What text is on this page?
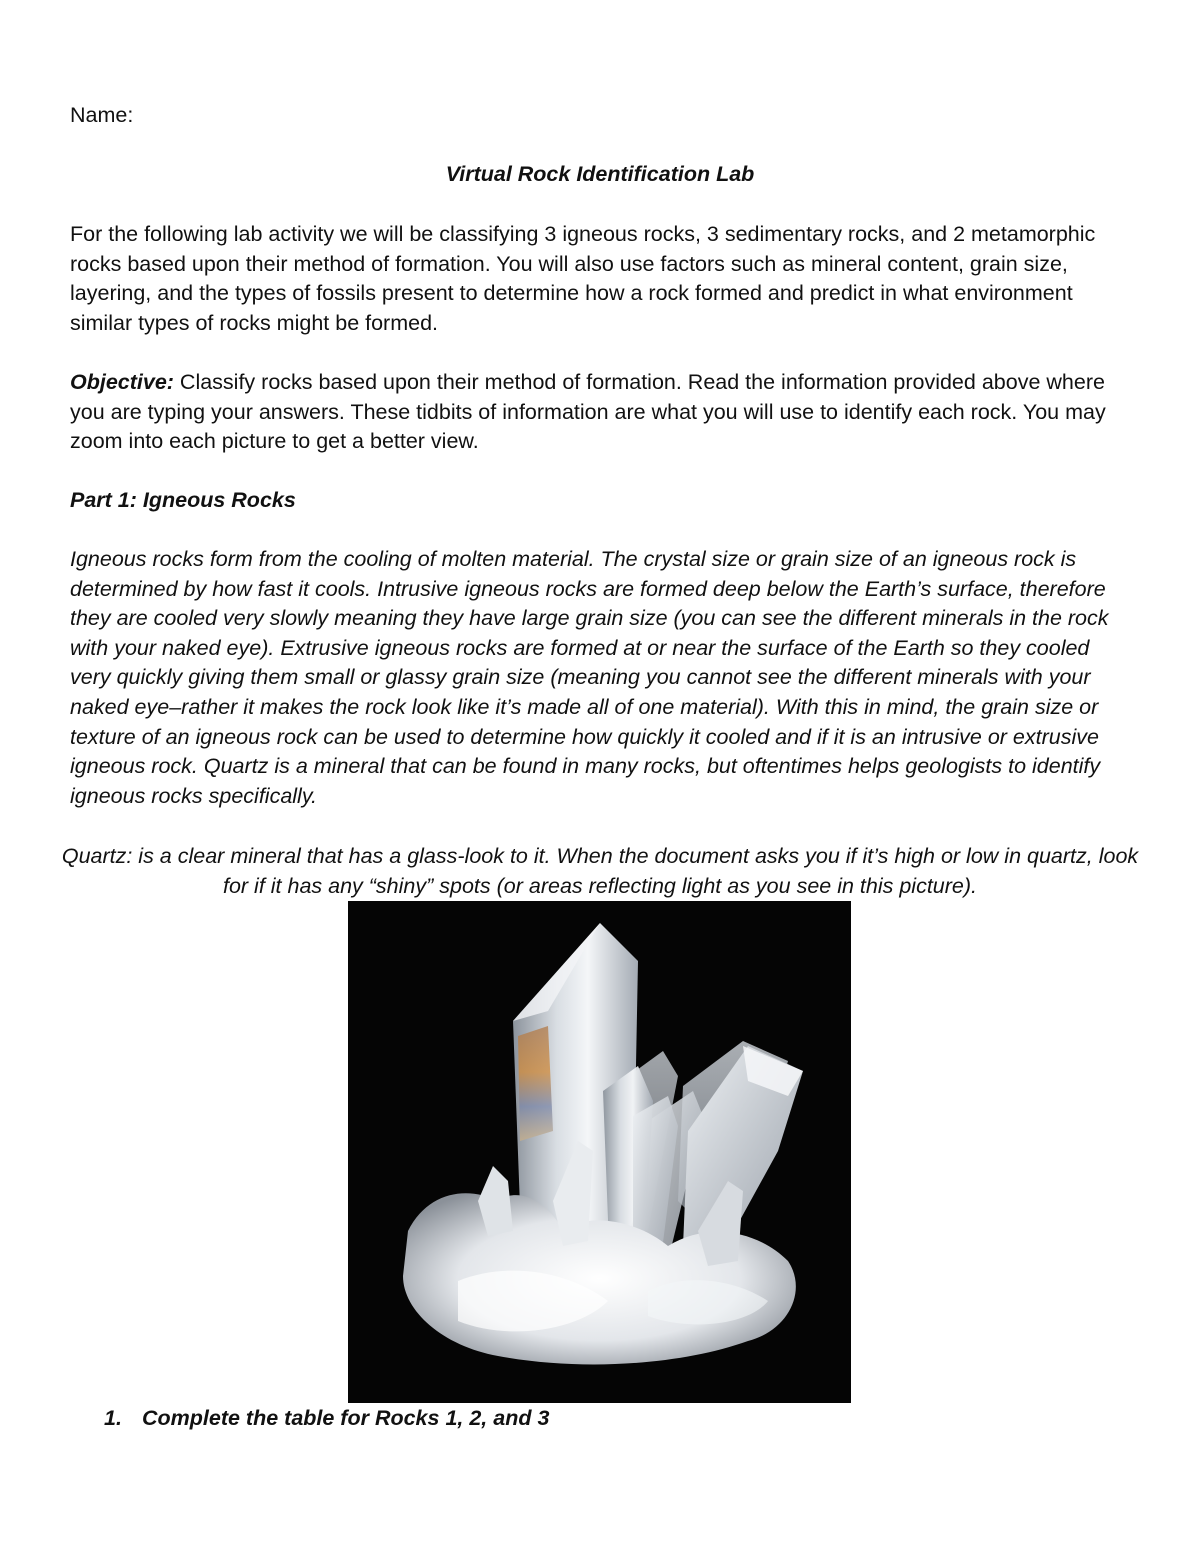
Name:
Virtual Rock Identification Lab
For the following lab activity we will be classifying 3 igneous rocks, 3 sedimentary rocks, and 2 metamorphic rocks based upon their method of formation. You will also use factors such as mineral content, grain size, layering, and the types of fossils present to determine how a rock formed and predict in what environment similar types of rocks might be formed.
Objective: Classify rocks based upon their method of formation. Read the information provided above where you are typing your answers. These tidbits of information are what you will use to identify each rock. You may zoom into each picture to get a better view.
Part 1: Igneous Rocks
Igneous rocks form from the cooling of molten material. The crystal size or grain size of an igneous rock is determined by how fast it cools. Intrusive igneous rocks are formed deep below the Earth’s surface, therefore they are cooled very slowly meaning they have large grain size (you can see the different minerals in the rock with your naked eye). Extrusive igneous rocks are formed at or near the surface of the Earth so they cooled very quickly giving them small or glassy grain size (meaning you cannot see the different minerals with your naked eye–rather it makes the rock look like it’s made all of one material). With this in mind, the grain size or texture of an igneous rock can be used to determine how quickly it cooled and if it is an intrusive or extrusive igneous rock. Quartz is a mineral that can be found in many rocks, but oftentimes helps geologists to identify igneous rocks specifically.
Quartz: is a clear mineral that has a glass-look to it. When the document asks you if it’s high or low in quartz, look for if it has any “shiny” spots (or areas reflecting light as you see in this picture).
1. Complete the table for Rocks 1, 2, and 3
